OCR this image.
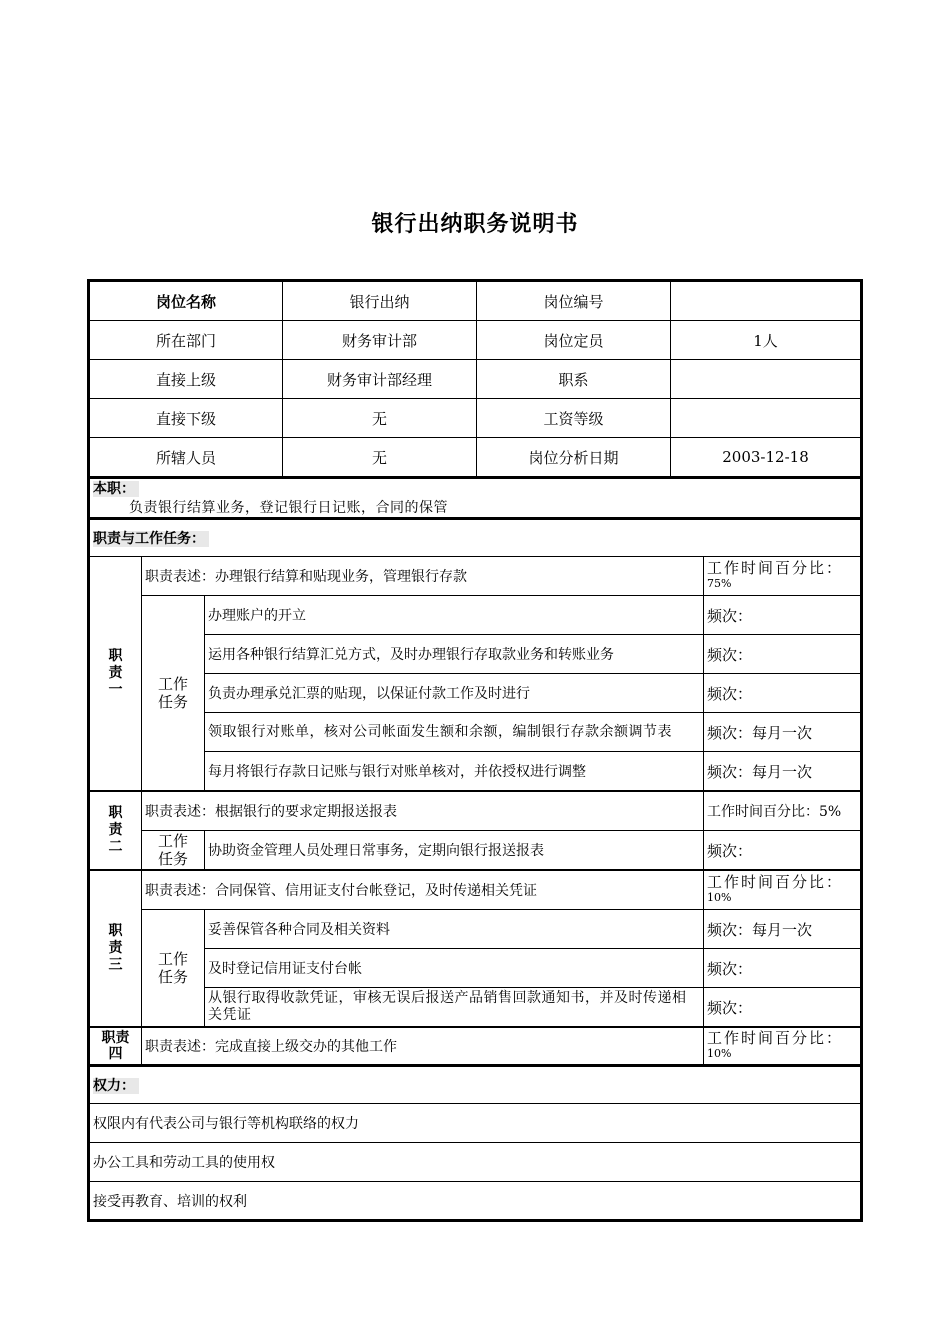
银行出纳职务说明书
岗位名称	银行出纳	岗位编号	
所在部门	财务审计部	岗位定员	1人
直接上级	财务审计部经理	职系	
直接下级	无	工资等级	
所辖人员	无	岗位分析日期	2003-12-18
本职：
负责银行结算业务，登记银行日记账，合同的保管
职责与工作任务：			
职责一	职责表述：办理银行结算和贴现业务，管理银行存款		工作时间百分比：
75%

	工作任务	办理账户的开立	频次：
		运用各种银行结算汇兑方式，及时办理银行存取款业务和转账业务	频次：
		负责办理承兑汇票的贴现，以保证付款工作及时进行	频次：
		领取银行对账单，核对公司帐面发生额和余额，编制银行存款余额调节表	频次：每月一次
		每月将银行存款日记账与银行对账单核对，并依授权进行调整	频次：每月一次
职责二	职责表述：根据银行的要求定期报送报表		工作时间百分比：5%
	工作任务	协助资金管理人员处理日常事务，定期向银行报送报表	频次：
职责三	职责表述：合同保管、信用证支付台帐登记，及时传递相关凭证		工作时间百分比：
10%

	工作任务	妥善保管各种合同及相关资料	频次：每月一次
		及时登记信用证支付台帐	频次：
		从银行取得收款凭证，审核无误后报送产品销售回款通知书，并及时传递相关凭证	频次：
职责四	职责表述：完成直接上级交办的其他工作		工作时间百分比：
10%
权力：
权限内有代表公司与银行等机构联络的权力
办公工具和劳动工具的使用权
接受再教育、培训的权利
